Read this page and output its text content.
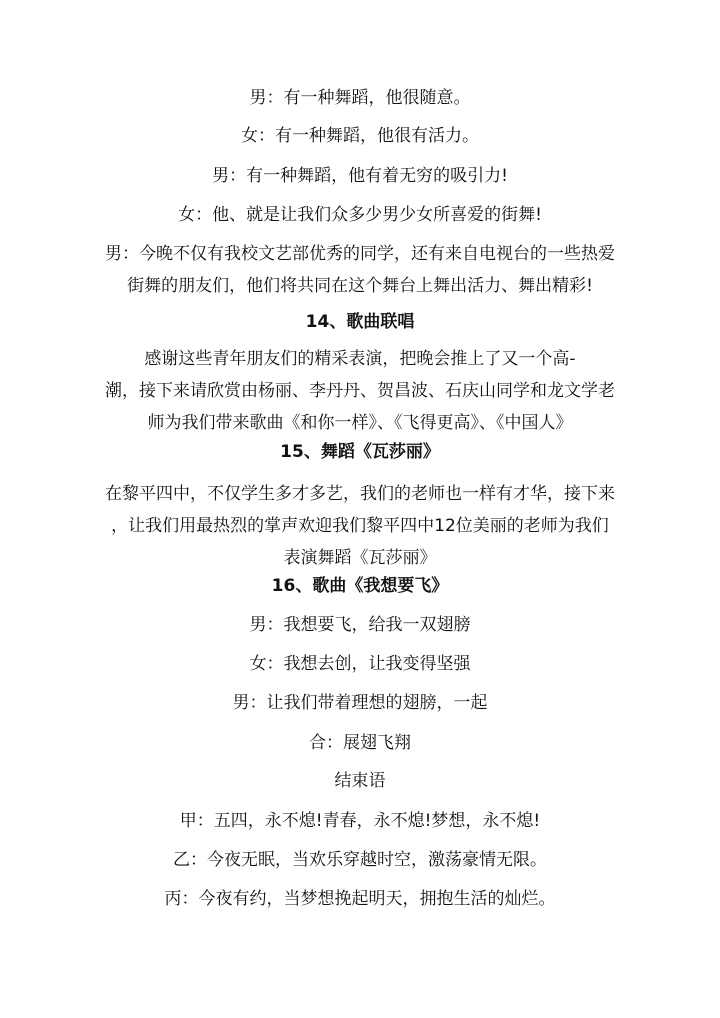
男：有一种舞蹈，他很随意。
女：有一种舞蹈，他很有活力。
男：有一种舞蹈，他有着无穷的吸引力!
女：他、就是让我们众多少男少女所喜爱的街舞!
男：今晚不仅有我校文艺部优秀的同学，还有来自电视台的一些热爱
街舞的朋友们，他们将共同在这个舞台上舞出活力、舞出精彩!
14、歌曲联唱
感谢这些青年朋友们的精采表演，把晚会推上了又一个高-
潮，接下来请欣赏由杨丽、李丹丹、贺昌波、石庆山同学和龙文学老
师为我们带来歌曲《和你一样》、《飞得更高》、《中国人》
15、舞蹈《瓦莎丽》
在黎平四中，不仅学生多才多艺，我们的老师也一样有才华，接下来
，让我们用最热烈的掌声欢迎我们黎平四中12位美丽的老师为我们
表演舞蹈《瓦莎丽》
16、歌曲《我想要飞》
男：我想要飞，给我一双翅膀
女：我想去创，让我变得坚强
男：让我们带着理想的翅膀，一起
合：展翅飞翔
结束语
甲：五四，永不熄!青春，永不熄!梦想，永不熄!
乙：今夜无眠，当欢乐穿越时空，激荡豪情无限。
丙：今夜有约，当梦想挽起明天，拥抱生活的灿烂。
